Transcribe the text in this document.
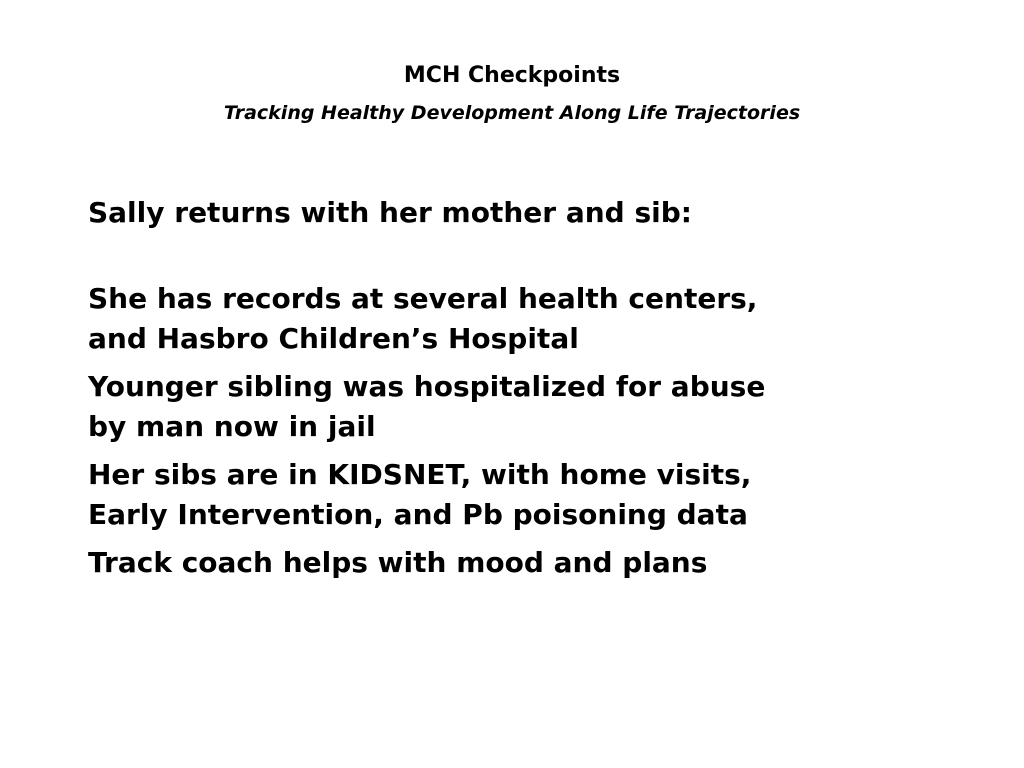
MCH Checkpoints
Tracking Healthy Development Along Life Trajectories

Sally returns with her mother and sib:

She has records at several health centers,
and Hasbro Children’s Hospital

Younger sibling was hospitalized for abuse
by man now in jail

Her sibs are in KIDSNET, with home visits,
Early Intervention, and Pb poisoning data

Track coach helps with mood and plans
